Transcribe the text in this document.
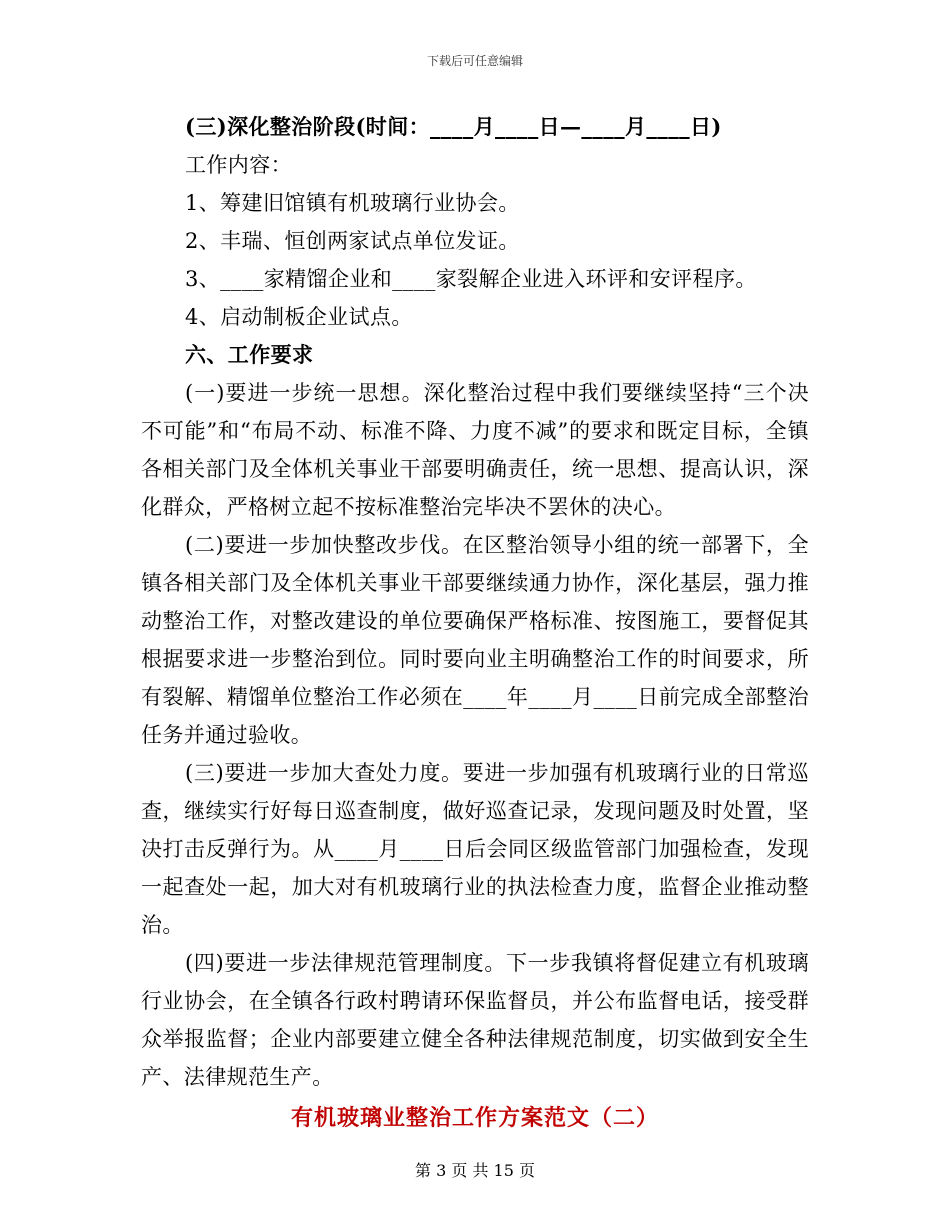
下载后可任意编辑
(三)深化整治阶段(时间：____月____日—____月____日)
工作内容：
1、筹建旧馆镇有机玻璃行业协会。
2、丰瑞、恒创两家试点单位发证。
3、____家精馏企业和____家裂解企业进入环评和安评程序。
4、启动制板企业试点。
六、工作要求
(一)要进一步统一思想。深化整治过程中我们要继续坚持“三个决不可能”和“布局不动、标准不降、力度不减”的要求和既定目标，全镇各相关部门及全体机关事业干部要明确责任，统一思想、提高认识，深化群众，严格树立起不按标准整治完毕决不罢休的决心。
(二)要进一步加快整改步伐。在区整治领导小组的统一部署下，全镇各相关部门及全体机关事业干部要继续通力协作，深化基层，强力推动整治工作，对整改建设的单位要确保严格标准、按图施工，要督促其根据要求进一步整治到位。同时要向业主明确整治工作的时间要求，所有裂解、精馏单位整治工作必须在____年____月____日前完成全部整治任务并通过验收。
(三)要进一步加大查处力度。要进一步加强有机玻璃行业的日常巡查，继续实行好每日巡查制度，做好巡查记录，发现问题及时处置，坚决打击反弹行为。从____月____日后会同区级监管部门加强检查，发现一起查处一起，加大对有机玻璃行业的执法检查力度，监督企业推动整治。
(四)要进一步法律规范管理制度。下一步我镇将督促建立有机玻璃行业协会，在全镇各行政村聘请环保监督员，并公布监督电话，接受群众举报监督；企业内部要建立健全各种法律规范制度，切实做到安全生产、法律规范生产。
有机玻璃业整治工作方案范文（二）
第 3 页 共 15 页
